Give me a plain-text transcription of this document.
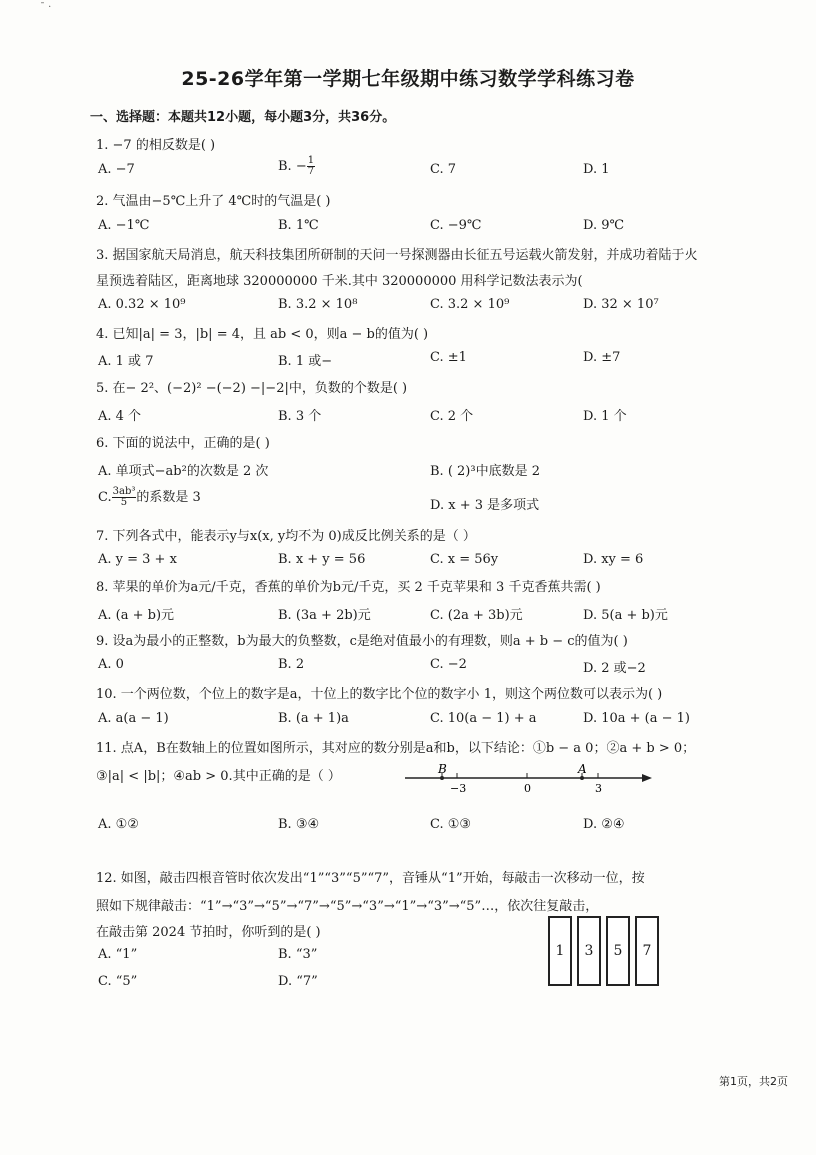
¯ ·
25-26学年第一学期七年级期中练习数学学科练习卷
一、选择题：本题共12小题，每小题3分，共36分。
1. −7 的相反数是( )
A. −7	B. − $\frac{1}{7}$	C. 7	D. 1
2. 气温由−5℃上升了 4℃时的气温是( )
A. −1℃	B. 1℃	C. −9℃	D. 9℃
3. 据国家航天局消息，航天科技集团所研制的天问一号探测器由长征五号运载火箭发射，并成功着陆于火
星预选着陆区，距离地球 320000000 千米.其中 320000000 用科学记数法表示为(
A. 0.32 × 10⁹	B. 3.2 × 10⁸	C. 3.2 × 10⁹	D. 32 × 10⁷
4. 已知|a| = 3，|b| = 4，且 ab < 0，则a − b的值为( )
A. 1 或 7	B. 1 或−	C. ±1	D. ±7
5. 在− 2²、(−2)² −(−2) −|−2|中，负数的个数是( )
A. 4 个	B. 3 个	C. 2 个	D. 1 个
6. 下面的说法中，正确的是( )
A. 单项式−ab²的次数是 2 次	B. ( 2)³中底数是 2
C. $\frac{\text{3ab³}}{5}$ 的系数是 3
D. x + 3 是多项式
7. 下列各式中，能表示y与x(x, y均不为 0)成反比例关系的是（ ）
A. y = 3 + x	B. x + y = 56	C. x = 56y	D. xy = 6
8. 苹果的单价为a元/千克，香蕉的单价为b元/千克，买 2 千克苹果和 3 千克香蕉共需( )
A. (a + b)元	B. (3a + 2b)元	C. (2a + 3b)元	D. 5(a + b)元
9. 设a为最小的正整数，b为最大的负整数，c是绝对值最小的有理数，则a + b − c的值为( )
A. 0	B. 2	C. −2	D. 2 或−2
10. 一个两位数，个位上的数字是a，十位上的数字比个位的数字小 1，则这个两位数可以表示为( )
A. a(a − 1)	B. (a + 1)a	C. 10(a − 1) + a	D. 10a + (a − 1)
11. 点A，B在数轴上的位置如图所示，其对应的数分别是a和b，以下结论：①b − a 0；②a + b > 0；
③|a| < |b|；④ab > 0.其中正确的是（ ）	B	A
−3	0	3
A. ①②	B. ③④	C. ①③	D. ②④
12. 如图，敲击四根音管时依次发出“1”“3”“5”“7”，音锤从“1”开始，每敲击一次移动一位，按
照如下规律敲击：“1”→“3”→“5”→“7”→“5”→“3”→“1”→“3”→“5”…，依次往复敲击，
在敲击第 2024 节拍时，你听到的是( )
A. “1”	B. “3”
C. “5”	D. “7”
1	3	5	7
第1页，共2页
